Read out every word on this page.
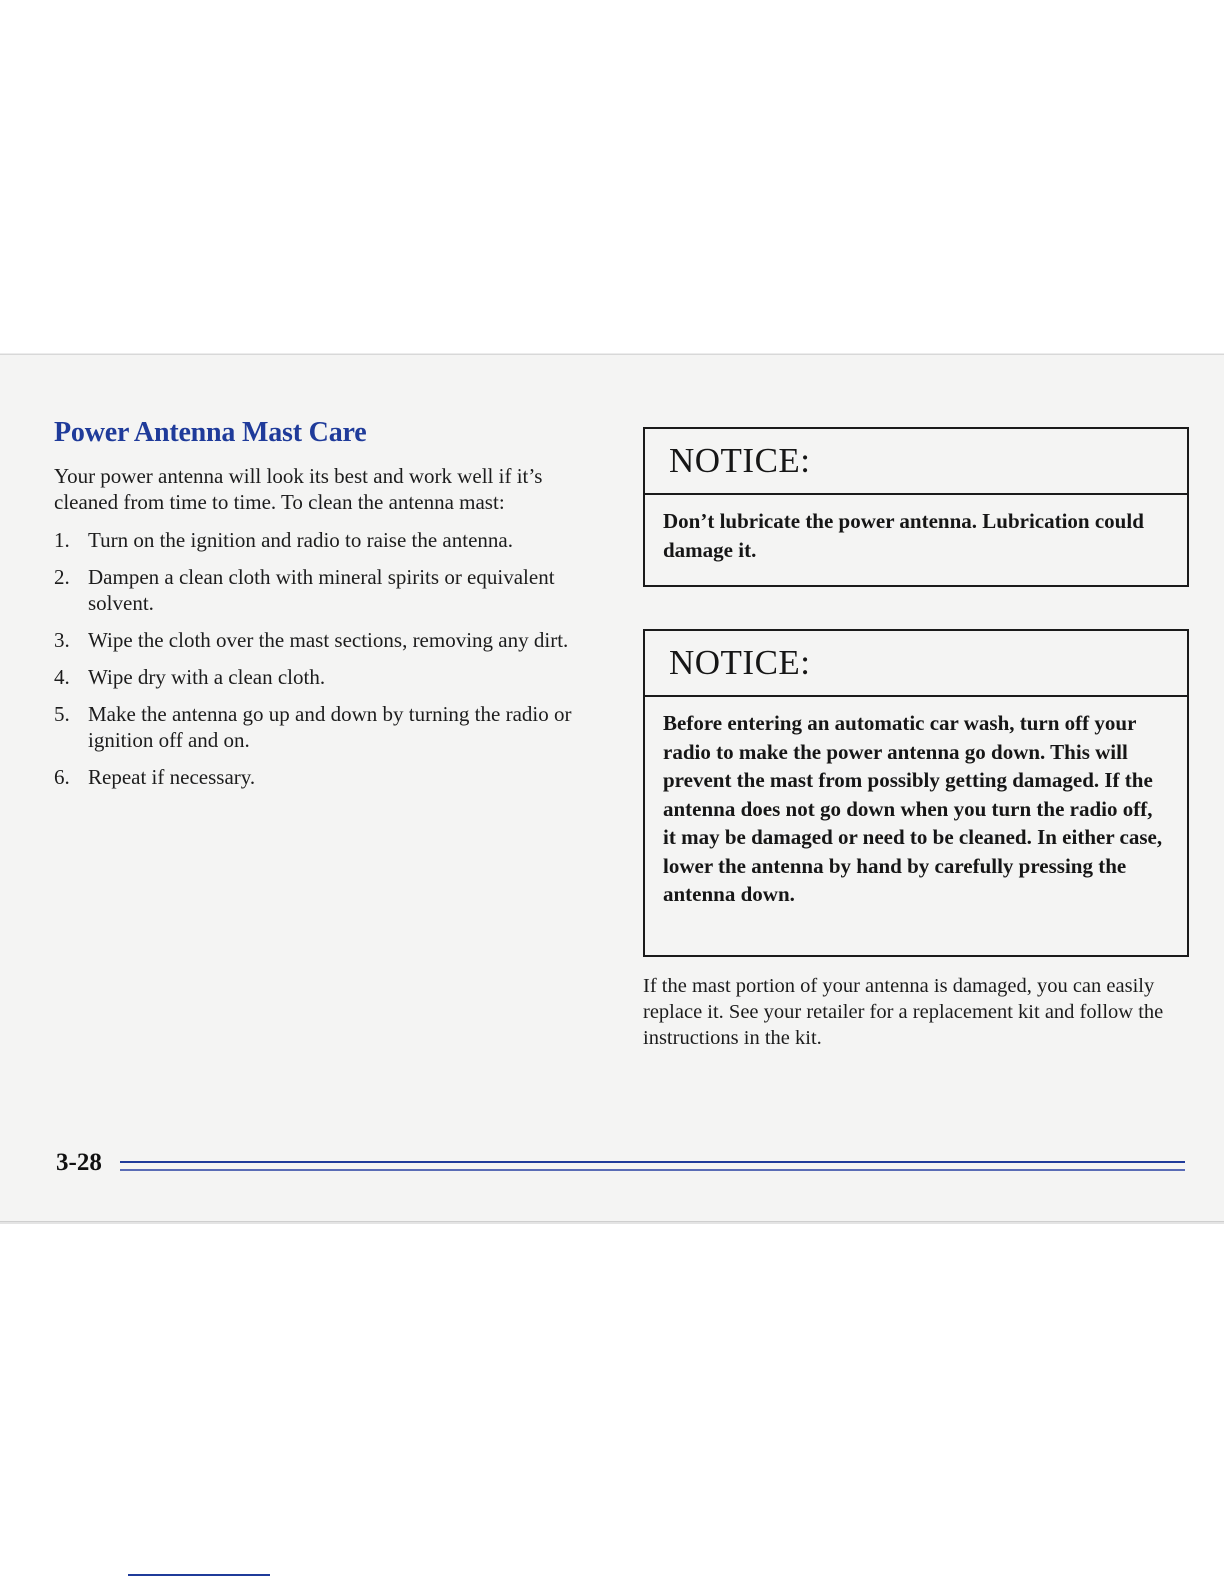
Power Antenna Mast Care

Your power antenna will look its best and work well if it’s cleaned from time to time. To clean the antenna mast:

1. Turn on the ignition and radio to raise the antenna.
2. Dampen a clean cloth with mineral spirits or equivalent solvent.
3. Wipe the cloth over the mast sections, removing any dirt.
4. Wipe dry with a clean cloth.
5. Make the antenna go up and down by turning the radio or ignition off and on.
6. Repeat if necessary.
NOTICE:
Don’t lubricate the power antenna. Lubrication could damage it.
NOTICE:
Before entering an automatic car wash, turn off your radio to make the power antenna go down. This will prevent the mast from possibly getting damaged. If the antenna does not go down when you turn the radio off, it may be damaged or need to be cleaned. In either case, lower the antenna by hand by carefully pressing the antenna down.

If the mast portion of your antenna is damaged, you can easily replace it. See your retailer for a replacement kit and follow the instructions in the kit.

3-28
